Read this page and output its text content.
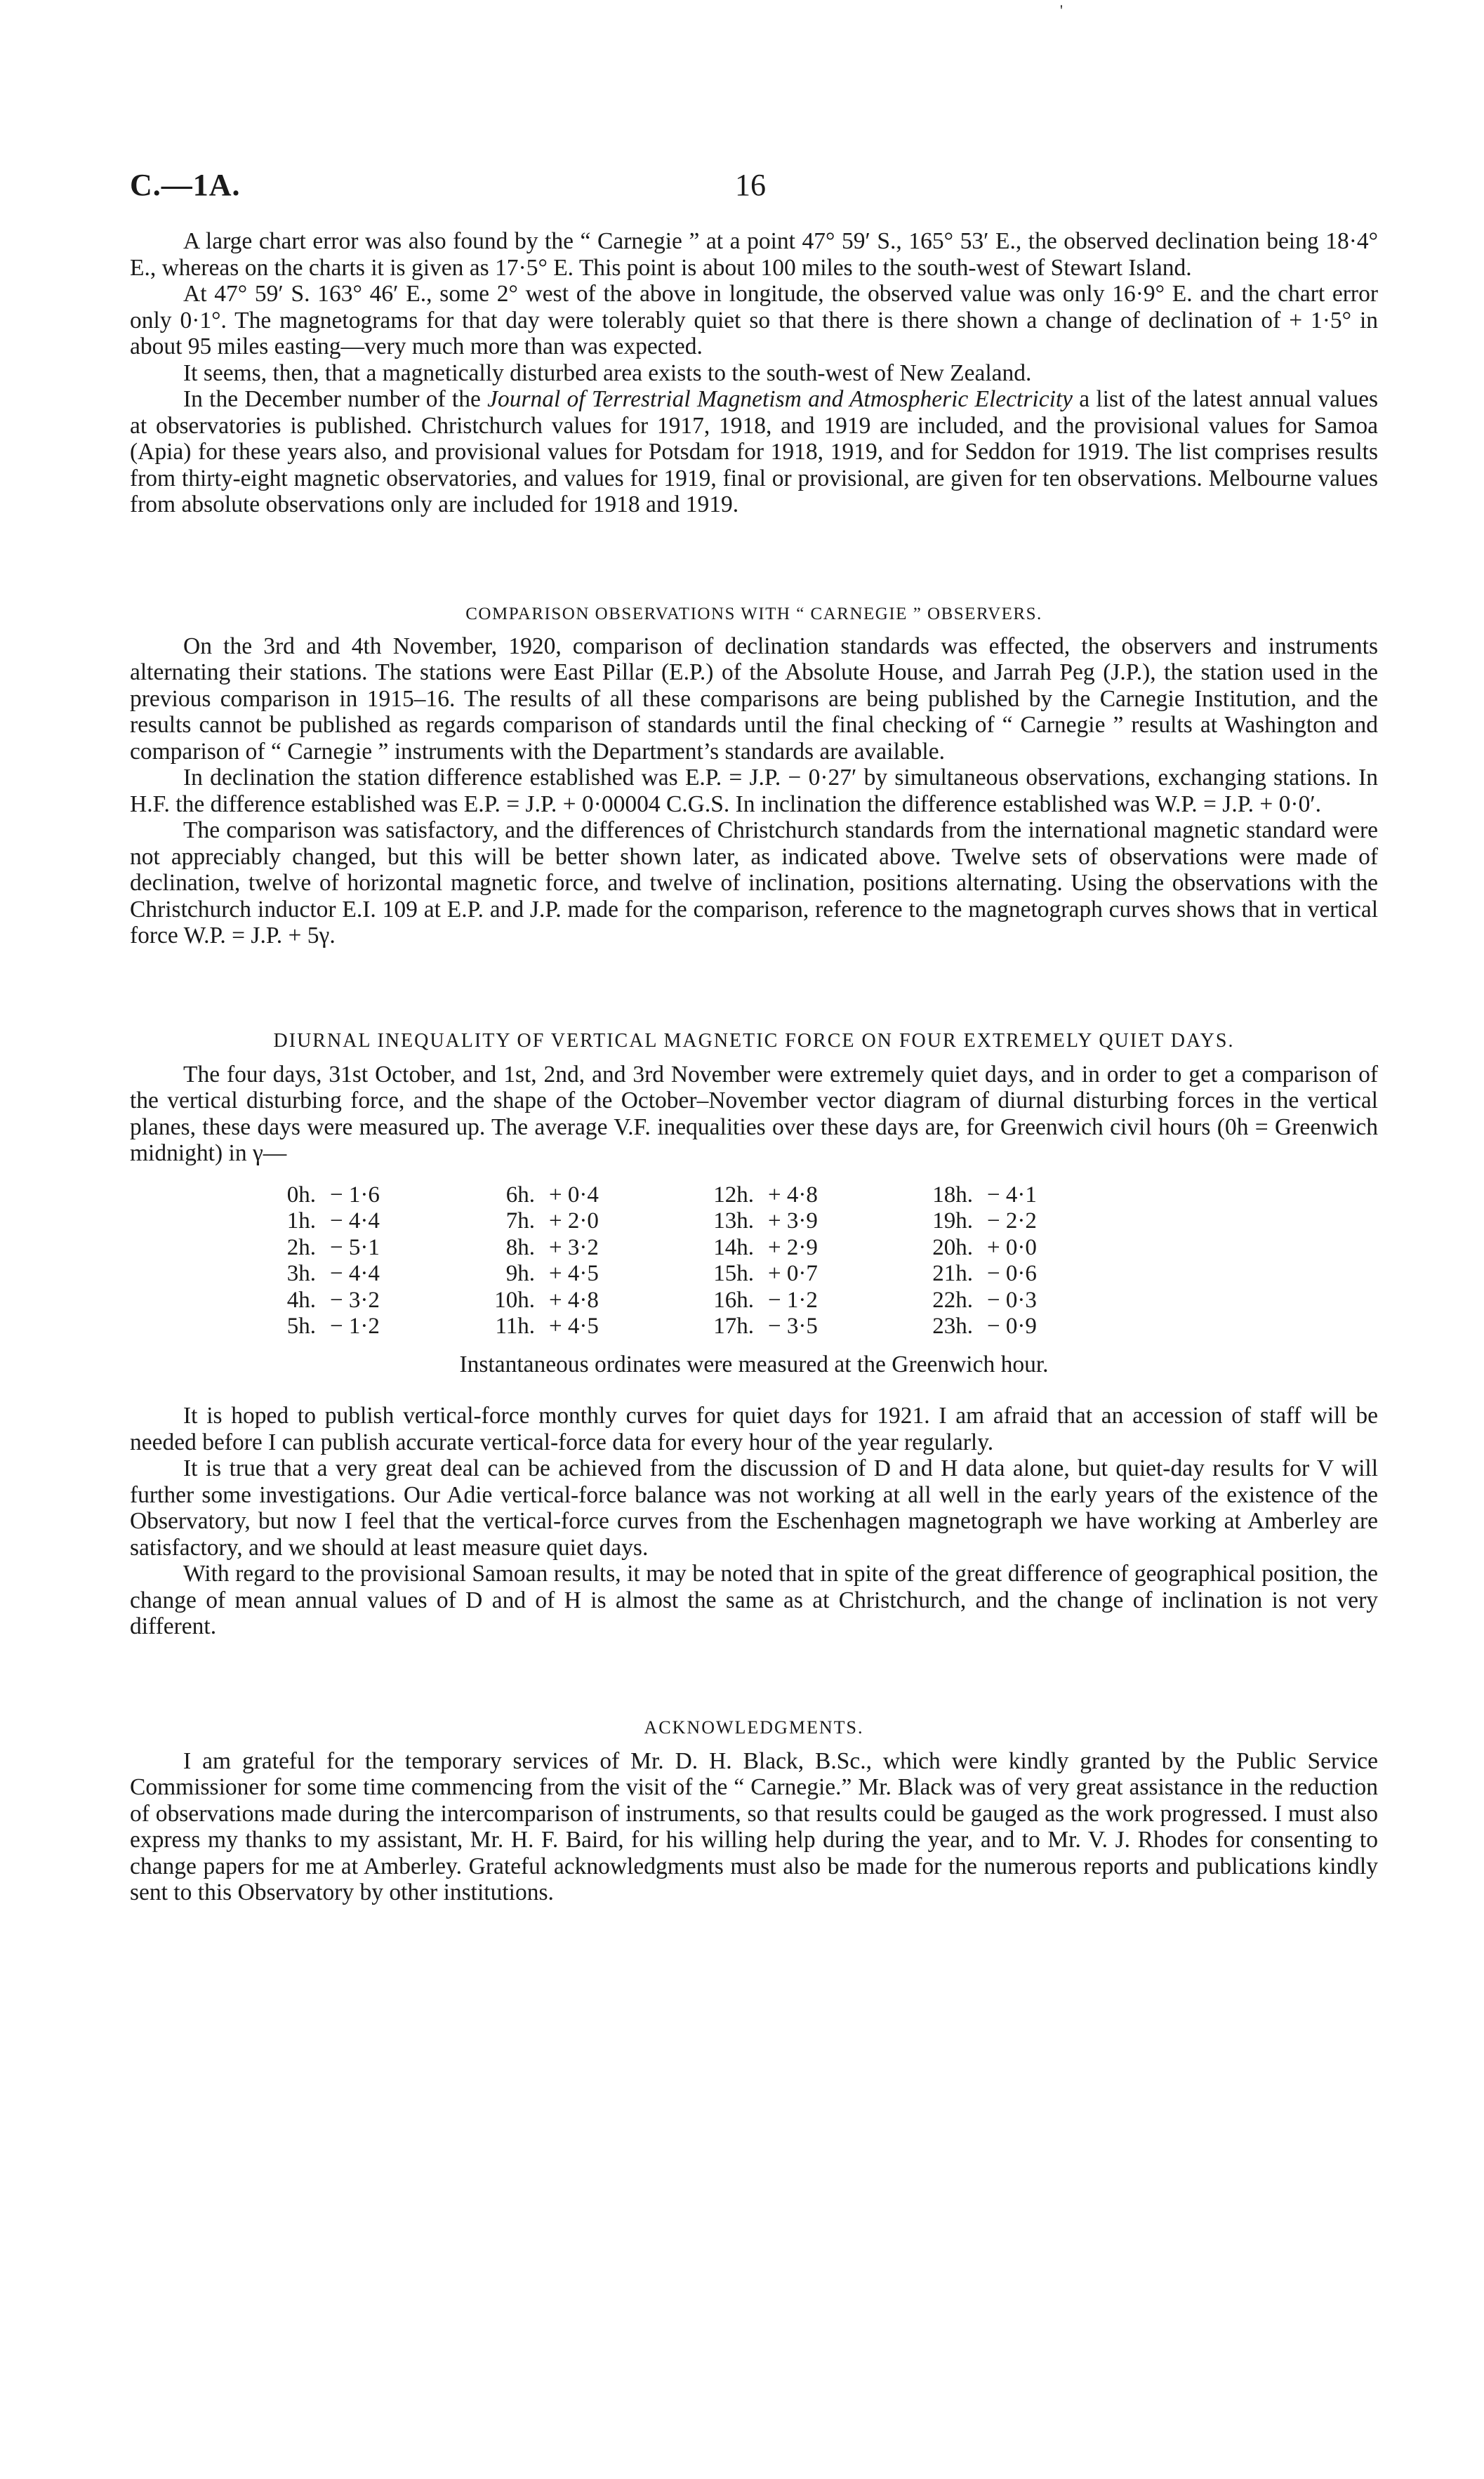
'
C.—1A.	16

A large chart error was also found by the “ Carnegie ” at a point 47° 59′ S., 165° 53′ E., the observed declination being 18·4° E., whereas on the charts it is given as 17·5° E. This point is about 100 miles to the south-west of Stewart Island.

At 47° 59′ S. 163° 46′ E., some 2° west of the above in longitude, the observed value was only 16·9° E. and the chart error only 0·1°. The magnetograms for that day were tolerably quiet so that there is there shown a change of declination of + 1·5° in about 95 miles easting—very much more than was expected.

It seems, then, that a magnetically disturbed area exists to the south-west of New Zealand.

In the December number of the Journal of Terrestrial Magnetism and Atmospheric Electricity a list of the latest annual values at observatories is published. Christchurch values for 1917, 1918, and 1919 are included, and the provisional values for Samoa (Apia) for these years also, and provisional values for Potsdam for 1918, 1919, and for Seddon for 1919. The list comprises results from thirty-eight magnetic observatories, and values for 1919, final or provisional, are given for ten observations. Melbourne values from absolute observations only are included for 1918 and 1919.

COMPARISON OBSERVATIONS WITH “ CARNEGIE ” OBSERVERS.

On the 3rd and 4th November, 1920, comparison of declination standards was effected, the observers and instruments alternating their stations. The stations were East Pillar (E.P.) of the Absolute House, and Jarrah Peg (J.P.), the station used in the previous comparison in 1915–16. The results of all these comparisons are being published by the Carnegie Institution, and the results cannot be published as regards comparison of standards until the final checking of “ Carnegie ” results at Washington and comparison of “ Carnegie ” instruments with the Department’s standards are available.

In declination the station difference established was E.P. = J.P. − 0·27′ by simultaneous observations, exchanging stations. In H.F. the difference established was E.P. = J.P. + 0·00004 C.G.S. In inclination the difference established was W.P. = J.P. + 0·0′.

The comparison was satisfactory, and the differences of Christchurch standards from the international magnetic standard were not appreciably changed, but this will be better shown later, as indicated above. Twelve sets of observations were made of declination, twelve of horizontal magnetic force, and twelve of inclination, positions alternating. Using the observations with the Christchurch inductor E.I. 109 at E.P. and J.P. made for the comparison, reference to the magnetograph curves shows that in vertical force W.P. = J.P. + 5γ.

DIURNAL INEQUALITY OF VERTICAL MAGNETIC FORCE ON FOUR EXTREMELY QUIET DAYS.

The four days, 31st October, and 1st, 2nd, and 3rd November were extremely quiet days, and in order to get a comparison of the vertical disturbing force, and the shape of the October–November vector diagram of diurnal disturbing forces in the vertical planes, these days were measured up. The average V.F. inequalities over these days are, for Greenwich civil hours (0h = Greenwich midnight) in γ—

0h.	− 1·6	6h.	+ 0·4	12h.	+ 4·8	18h.	− 4·1
1h.	− 4·4	7h.	+ 2·0	13h.	+ 3·9	19h.	− 2·2
2h.	− 5·1	8h.	+ 3·2	14h.	+ 2·9	20h.	+ 0·0
3h.	− 4·4	9h.	+ 4·5	15h.	+ 0·7	21h.	− 0·6
4h.	− 3·2	10h.	+ 4·8	16h.	− 1·2	22h.	− 0·3
5h.	− 1·2	11h.	+ 4·5	17h.	− 3·5	23h.	− 0·9

Instantaneous ordinates were measured at the Greenwich hour.

It is hoped to publish vertical-force monthly curves for quiet days for 1921. I am afraid that an accession of staff will be needed before I can publish accurate vertical-force data for every hour of the year regularly.

It is true that a very great deal can be achieved from the discussion of D and H data alone, but quiet-day results for V will further some investigations. Our Adie vertical-force balance was not working at all well in the early years of the existence of the Observatory, but now I feel that the vertical-force curves from the Eschenhagen magnetograph we have working at Amberley are satisfactory, and we should at least measure quiet days.

With regard to the provisional Samoan results, it may be noted that in spite of the great difference of geographical position, the change of mean annual values of D and of H is almost the same as at Christchurch, and the change of inclination is not very different.

ACKNOWLEDGMENTS.

I am grateful for the temporary services of Mr. D. H. Black, B.Sc., which were kindly granted by the Public Service Commissioner for some time commencing from the visit of the “ Carnegie.” Mr. Black was of very great assistance in the reduction of observations made during the intercomparison of instruments, so that results could be gauged as the work progressed. I must also express my thanks to my assistant, Mr. H. F. Baird, for his willing help during the year, and to Mr. V. J. Rhodes for consenting to change papers for me at Amberley. Grateful acknowledgments must also be made for the numerous reports and publications kindly sent to this Observatory by other institutions.
